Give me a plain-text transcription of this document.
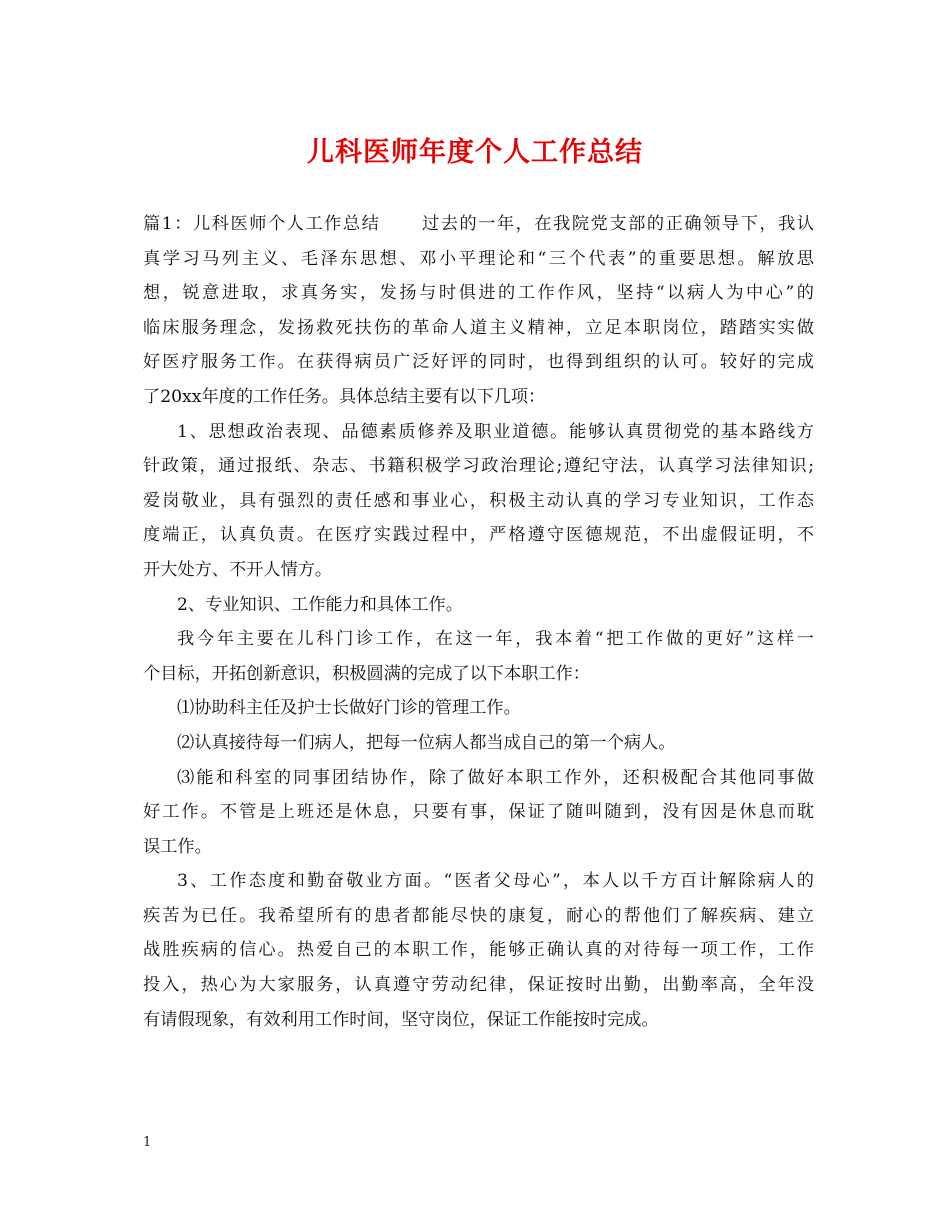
儿科医师年度个人工作总结
篇1：儿科医师个人工作总结 过去的一年，在我院党支部的正确领导下，我认
真学习马列主义、毛泽东思想、邓小平理论和“三个代表”的重要思想。解放思
想，锐意进取，求真务实，发扬与时俱进的工作作风，坚持“以病人为中心”的
临床服务理念，发扬救死扶伤的革命人道主义精神，立足本职岗位，踏踏实实做
好医疗服务工作。在获得病员广泛好评的同时，也得到组织的认可。较好的完成
了20xx年度的工作任务。具体总结主要有以下几项：
1、思想政治表现、品德素质修养及职业道德。能够认真贯彻党的基本路线方
针政策，通过报纸、杂志、书籍积极学习政治理论;遵纪守法，认真学习法律知识;
爱岗敬业，具有强烈的责任感和事业心，积极主动认真的学习专业知识，工作态
度端正，认真负责。在医疗实践过程中，严格遵守医德规范，不出虚假证明，不
开大处方、不开人情方。
2、专业知识、工作能力和具体工作。
我今年主要在儿科门诊工作，在这一年，我本着“把工作做的更好”这样一
个目标，开拓创新意识，积极圆满的完成了以下本职工作：
⑴协助科主任及护士长做好门诊的管理工作。
⑵认真接待每一们病人，把每一位病人都当成自己的第一个病人。
⑶能和科室的同事团结协作，除了做好本职工作外，还积极配合其他同事做
好工作。不管是上班还是休息，只要有事，保证了随叫随到，没有因是休息而耽
误工作。
3、工作态度和勤奋敬业方面。“医者父母心”，本人以千方百计解除病人的
疾苦为已任。我希望所有的患者都能尽快的康复，耐心的帮他们了解疾病、建立
战胜疾病的信心。热爱自己的本职工作，能够正确认真的对待每一项工作，工作
投入，热心为大家服务，认真遵守劳动纪律，保证按时出勤，出勤率高，全年没
有请假现象，有效利用工作时间，坚守岗位，保证工作能按时完成。
1
